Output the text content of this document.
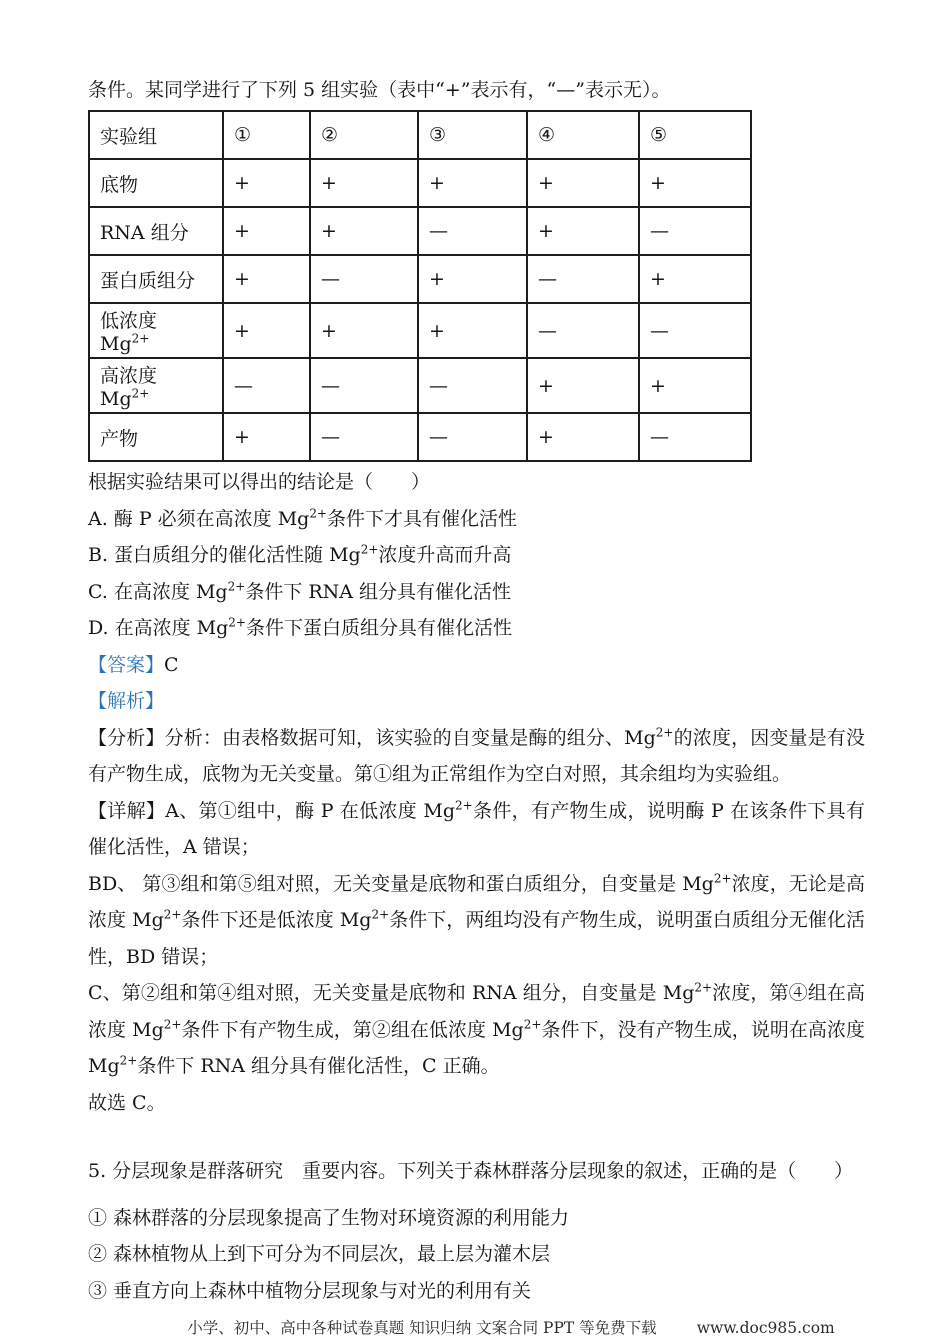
条件。某同学进行了下列 5 组实验（表中“+”表示有，“—”表示无）。

实验组	①	②	③	④	⑤
底物	+	+	+	+	+
RNA 组分	+	+	—	+	—
蛋白质组分	+	—	+	—	+
低浓度 $Mg^{2+}$	+	+	+	—	—
高浓度 $Mg^{2+}$	—	—	—	+	+
产物	+	—	—	+	—

根据实验结果可以得出的结论是（　　）

A. 酶 P 必须在高浓度 $Mg^{2+}$条件下才具有催化活性

B. 蛋白质组分的催化活性随 $Mg^{2+}$浓度升高而升高

C. 在高浓度 $Mg^{2+}$条件下 RNA 组分具有催化活性

D. 在高浓度 $Mg^{2+}$条件下蛋白质组分具有催化活性

【答案】C

【解析】

【分析】分析：由表格数据可知，该实验的自变量是酶的组分、$Mg^{2+}$的浓度，因变量是有没有产物生成，底物为无关变量。第①组为正常组作为空白对照，其余组均为实验组。

【详解】A、第①组中，酶 P 在低浓度 $Mg^{2+}$条件，有产物生成，说明酶 P 在该条件下具有催化活性，A 错误；

BD、 第③组和第⑤组对照，无关变量是底物和蛋白质组分，自变量是 $Mg^{2+}$浓度，无论是高浓度 $Mg^{2+}$条件下还是低浓度 $Mg^{2+}$条件下，两组均没有产物生成，说明蛋白质组分无催化活性，BD 错误；

C、第②组和第④组对照，无关变量是底物和 RNA 组分，自变量是 $Mg^{2+}$浓度，第④组在高浓度 $Mg^{2+}$条件下有产物生成，第②组在低浓度 $Mg^{2+}$条件下，没有产物生成，说明在高浓度 $Mg^{2+}$条件下 RNA 组分具有催化活性，C 正确。

故选 C。

5. 分层现象是群落研究　重要内容。下列关于森林群落分层现象的叙述，正确的是（　　）

① 森林群落的分层现象提高了生物对环境资源的利用能力

② 森林植物从上到下可分为不同层次，最上层为灌木层

③ 垂直方向上森林中植物分层现象与对光的利用有关

小学、初中、高中各种试卷真题 知识归纳 文案合同 PPT 等免费下载	www.doc985.com
